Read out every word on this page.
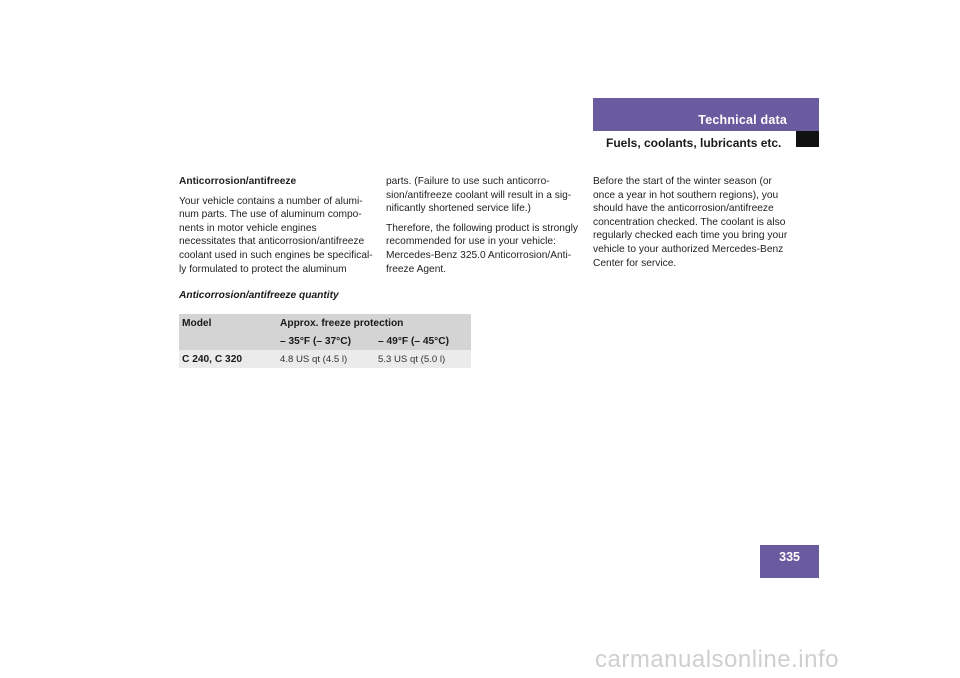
Technical data
Fuels, coolants, lubricants etc.

Anticorrosion/antifreeze

Your vehicle contains a number of alumi-
num parts. The use of aluminum compo-
nents in motor vehicle engines
necessitates that anticorrosion/antifreeze
coolant used in such engines be specifical-
ly formulated to protect the aluminum

parts. (Failure to use such anticorro-
sion/antifreeze coolant will result in a sig-
nificantly shortened service life.)

Therefore, the following product is strongly
recommended for use in your vehicle:
Mercedes-Benz 325.0 Anticorrosion/Anti-
freeze Agent.

Before the start of the winter season (or
once a year in hot southern regions), you
should have the anticorrosion/antifreeze
concentration checked. The coolant is also
regularly checked each time you bring your
vehicle to your authorized Mercedes-Benz
Center for service.

Anticorrosion/antifreeze quantity
Model	Approx. freeze protection	
	– 35°F (– 37°C)	– 49°F (– 45°C)
C 240, C 320	4.8 US qt (4.5 l)	5.3 US qt (5.0 l)
335
carmanualsonline.info
